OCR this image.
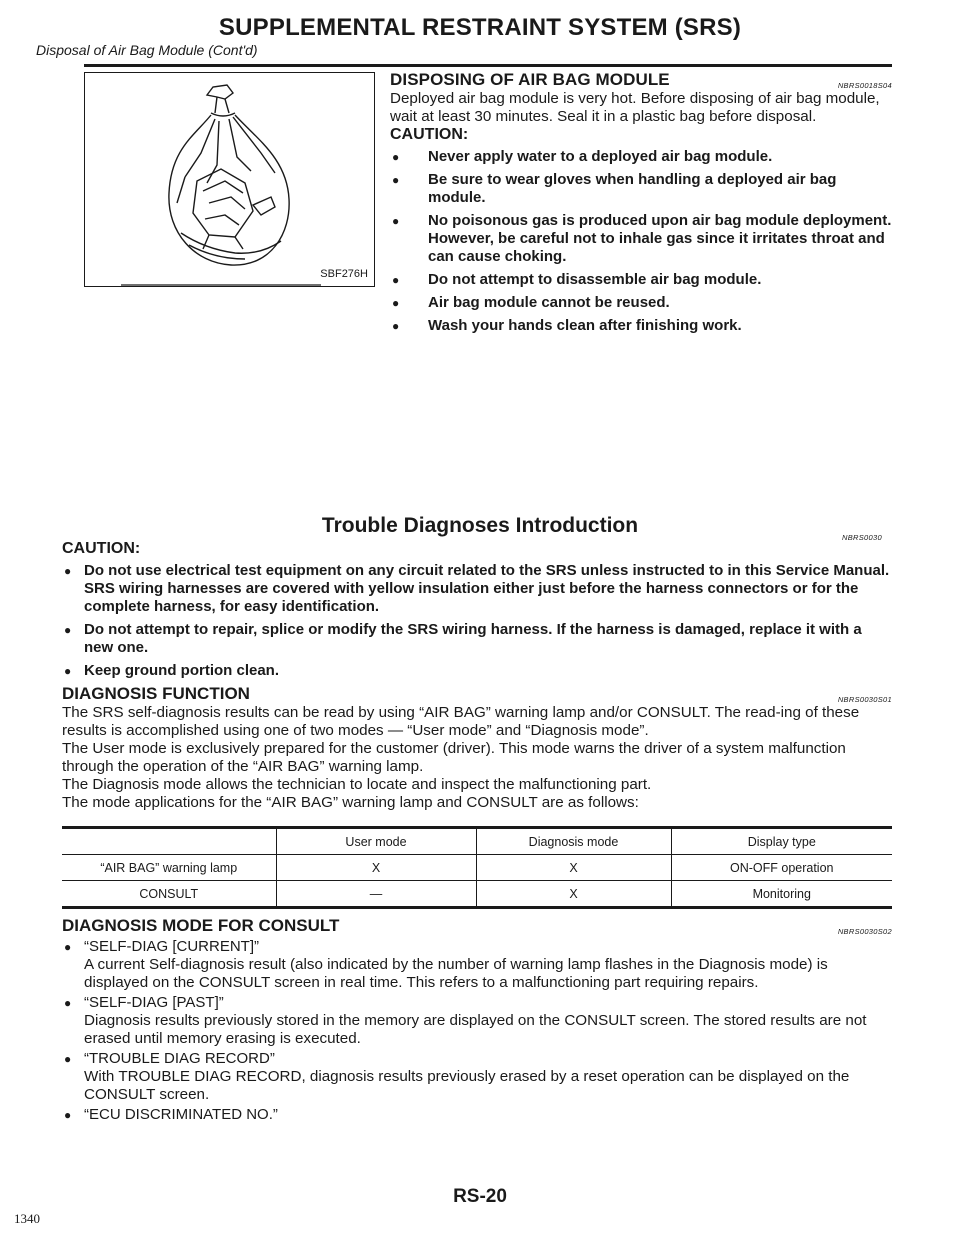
SUPPLEMENTAL RESTRAINT SYSTEM (SRS)
Disposal of Air Bag Module (Cont'd)
SBF276H
DISPOSING OF AIR BAG MODULE	NBRS0018S04
Deployed air bag module is very hot. Before disposing of air bag module, wait at least 30 minutes. Seal it in a plastic bag before disposal.
CAUTION:
● Never apply water to a deployed air bag module.
● Be sure to wear gloves when handling a deployed air bag module.
● No poisonous gas is produced upon air bag module deployment. However, be careful not to inhale gas since it irritates throat and can cause choking.
● Do not attempt to disassemble air bag module.
● Air bag module cannot be reused.
● Wash your hands clean after finishing work.
Trouble Diagnoses Introduction
NBRS0030
CAUTION:
● Do not use electrical test equipment on any circuit related to the SRS unless instructed to in this Service Manual. SRS wiring harnesses are covered with yellow insulation either just before the harness connectors or for the complete harness, for easy identification.
● Do not attempt to repair, splice or modify the SRS wiring harness. If the harness is damaged, replace it with a new one.
● Keep ground portion clean.
DIAGNOSIS FUNCTION	NBRS0030S01
The SRS self-diagnosis results can be read by using “AIR BAG” warning lamp and/or CONSULT. The read-ing of these results is accomplished using one of two modes — “User mode” and “Diagnosis mode”.
The User mode is exclusively prepared for the customer (driver). This mode warns the driver of a system malfunction through the operation of the “AIR BAG” warning lamp.
The Diagnosis mode allows the technician to locate and inspect the malfunctioning part.
The mode applications for the “AIR BAG” warning lamp and CONSULT are as follows:
	User mode	Diagnosis mode	Display type
“AIR BAG” warning lamp	X	X	ON-OFF operation
CONSULT	—	X	Monitoring
DIAGNOSIS MODE FOR CONSULT	NBRS0030S02
● “SELF-DIAG [CURRENT]”
A current Self-diagnosis result (also indicated by the number of warning lamp flashes in the Diagnosis mode) is displayed on the CONSULT screen in real time. This refers to a malfunctioning part requiring repairs.
● “SELF-DIAG [PAST]”
Diagnosis results previously stored in the memory are displayed on the CONSULT screen. The stored results are not erased until memory erasing is executed.
● “TROUBLE DIAG RECORD”
With TROUBLE DIAG RECORD, diagnosis results previously erased by a reset operation can be displayed on the CONSULT screen.
● “ECU DISCRIMINATED NO.”
RS-20
1340
